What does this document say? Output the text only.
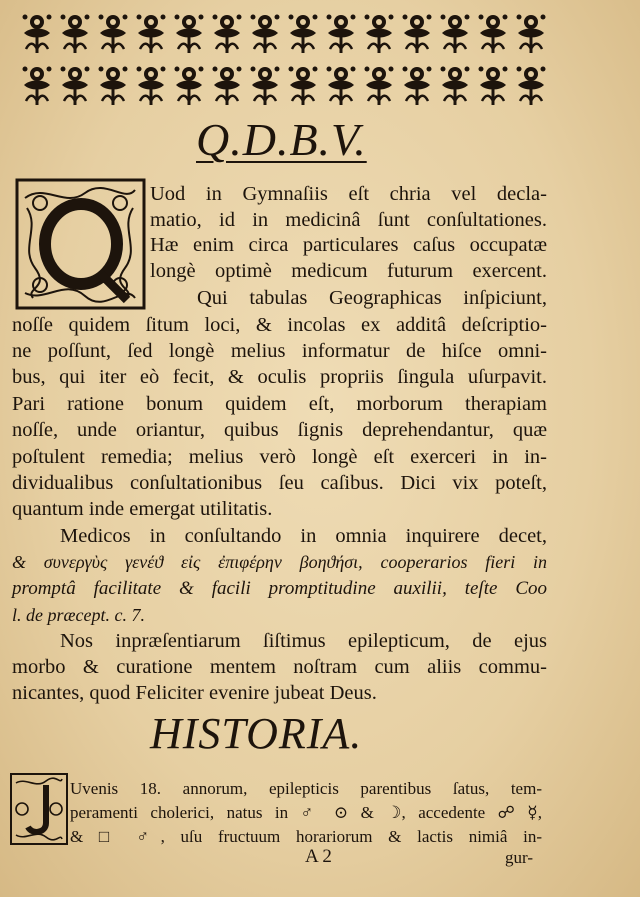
Q.D.B.V.
Q
Uod in Gymnaſiis eſt chria vel decla-
matio, id in medicinâ ſunt conſultationes.
Hæ enim circa particulares caſus occupatæ
longè optimè medicum futurum exercent.
Qui tabulas Geographicas inſpiciunt,
noſſe quidem ſitum loci, & incolas ex additâ deſcriptio-
ne poſſunt, ſed longè melius informatur de hiſce omni-
bus, qui iter eò fecit, & oculis propriis ſingula uſurpavit.
Pari ratione bonum quidem eſt, morborum therapiam
noſſe, unde oriantur, quibus ſignis deprehendantur, quæ
poſtulent remedia; melius verò longè eſt exerceri in in-
dividualibus conſultationibus ſeu caſibus. Dici vix poteſt,
quantum inde emergat utilitatis.
Medicos in conſultando in omnia inquirere decet,
& συνεργὺς γενέϑ εἰς ἐπιφέρην βοηϑήσι, cooperarios fieri in
promptâ facilitate & facili promptitudine auxilii, teſte Coo
l. de præcept. c. 7.
Nos inpræſentiarum ſiſtimus epilepticum, de ejus
morbo & curatione mentem noſtram cum aliis commu-
nicantes, quod Feliciter evenire jubeat Deus.
HISTORIA.
Uvenis 18. annorum, epilepticis parentibus ſatus, tem-
peramenti cholerici, natus in ♂ ⊙ & ☽, accedente ☍ ☿,
& □ ♂, uſu fructuum horariorum & lactis nimiâ in-
A 2	gur-
